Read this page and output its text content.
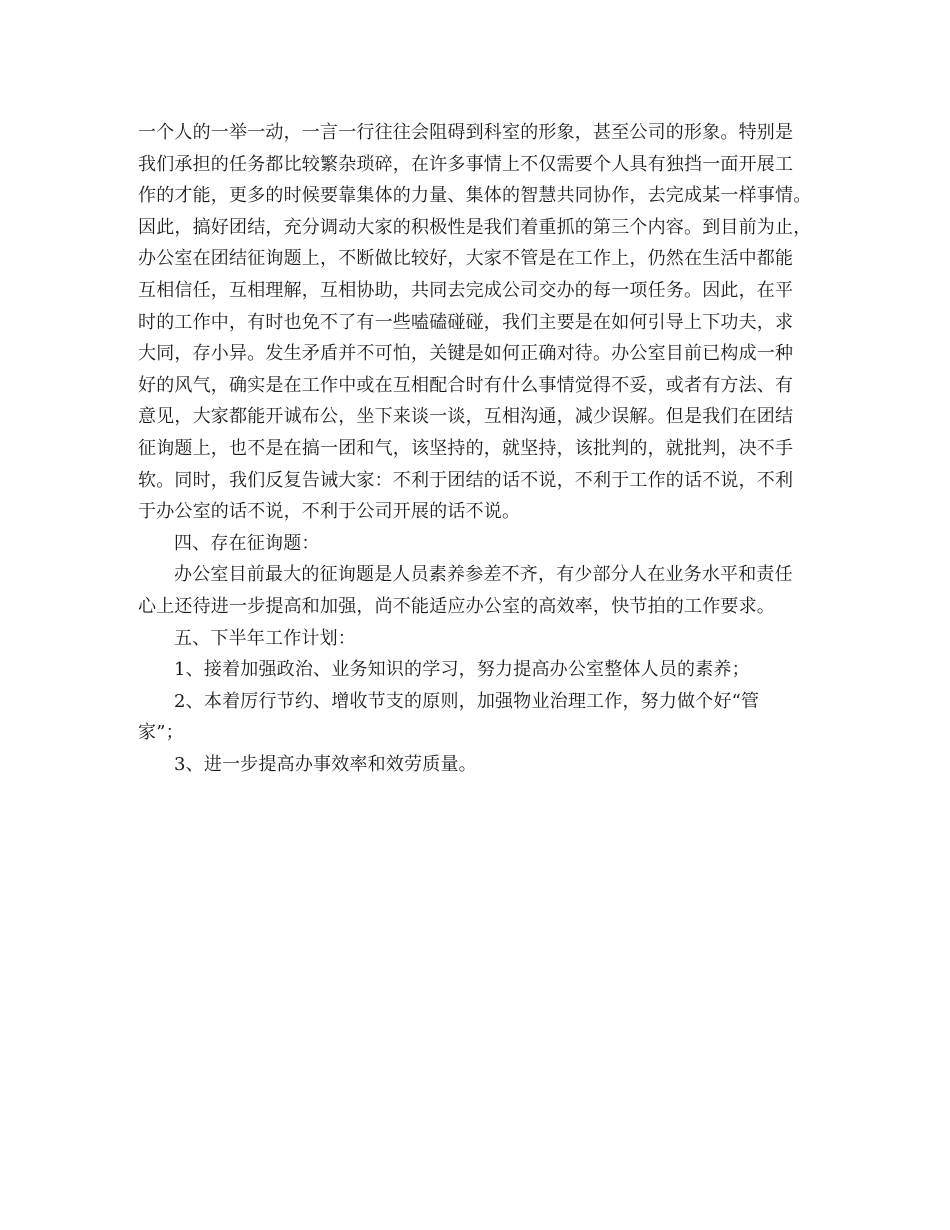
一个人的一举一动，一言一行往往会阻碍到科室的形象，甚至公司的形象。特别是
我们承担的任务都比较繁杂琐碎，在许多事情上不仅需要个人具有独挡一面开展工
作的才能，更多的时候要靠集体的力量、集体的智慧共同协作，去完成某一样事情。
因此，搞好团结，充分调动大家的积极性是我们着重抓的第三个内容。到目前为止，
办公室在团结征询题上，不断做比较好，大家不管是在工作上，仍然在生活中都能
互相信任，互相理解，互相协助，共同去完成公司交办的每一项任务。因此，在平
时的工作中，有时也免不了有一些嗑磕碰碰，我们主要是在如何引导上下功夫，求
大同，存小异。发生矛盾并不可怕，关键是如何正确对待。办公室目前已构成一种
好的风气，确实是在工作中或在互相配合时有什么事情觉得不妥，或者有方法、有
意见，大家都能开诚布公，坐下来谈一谈，互相沟通，减少误解。但是我们在团结
征询题上，也不是在搞一团和气，该坚持的，就坚持，该批判的，就批判，决不手
软。同时，我们反复告诫大家：不利于团结的话不说，不利于工作的话不说，不利
于办公室的话不说，不利于公司开展的话不说。
四、存在征询题：
办公室目前最大的征询题是人员素养参差不齐，有少部分人在业务水平和责任
心上还待进一步提高和加强，尚不能适应办公室的高效率，快节拍的工作要求。
五、下半年工作计划：
1、接着加强政治、业务知识的学习，努力提高办公室整体人员的素养；
2、本着厉行节约、增收节支的原则，加强物业治理工作，努力做个好“管
家”；
3、进一步提高办事效率和效劳质量。
